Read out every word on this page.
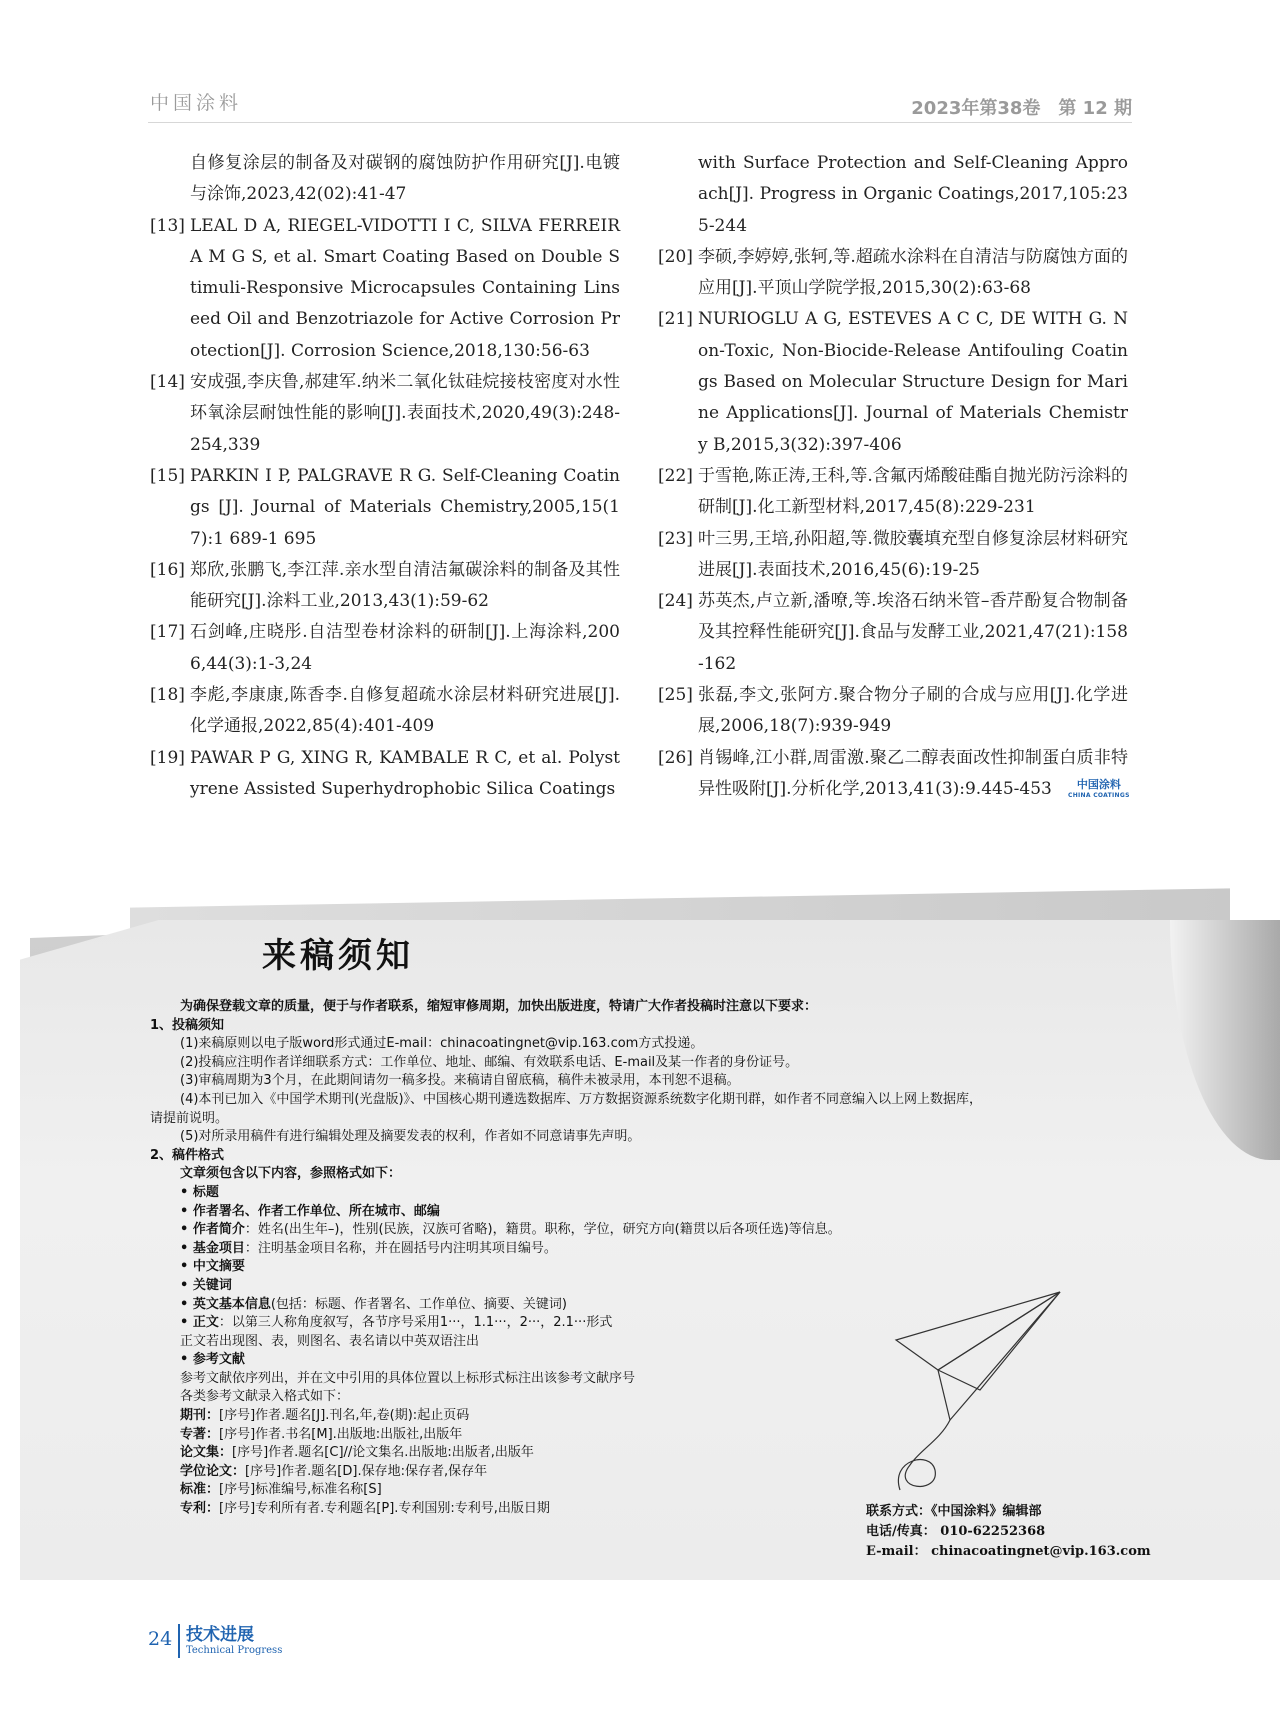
中国涂料	2023年第38卷　第 12 期
自修复涂层的制备及对碳钢的腐蚀防护作用研究[J].电镀与涂饰,2023,42(02):41-47
[13] LEAL D A, RIEGEL-VIDOTTI I C, SILVA FERREIRA M G S, et al. Smart Coating Based on Double Stimuli-Responsive Microcapsules Containing Linseed Oil and Benzotriazole for Active Corrosion Protection[J]. Corrosion Science,2018,130:56-63
[14] 安成强,李庆鲁,郝建军.纳米二氧化钛硅烷接枝密度对水性环氧涂层耐蚀性能的影响[J].表面技术,2020,49(3):248-254,339
[15] PARKIN I P, PALGRAVE R G. Self-Cleaning Coatings [J]. Journal of Materials Chemistry,2005,15(17):1 689-1 695
[16] 郑欣,张鹏飞,李江萍.亲水型自清洁氟碳涂料的制备及其性能研究[J].涂料工业,2013,43(1):59-62
[17] 石剑峰,庄晓彤.自洁型卷材涂料的研制[J].上海涂料,2006,44(3):1-3,24
[18] 李彪,李康康,陈香李.自修复超疏水涂层材料研究进展[J].化学通报,2022,85(4):401-409
[19] PAWAR P G, XING R, KAMBALE R C, et al. Polystyrene Assisted Superhydrophobic Silica Coatings
with Surface Protection and Self-Cleaning Approach[J]. Progress in Organic Coatings,2017,105:235-244
[20] 李硕,李婷婷,张轲,等.超疏水涂料在自清洁与防腐蚀方面的应用[J].平顶山学院学报,2015,30(2):63-68
[21] NURIOGLU A G, ESTEVES A C C, DE WITH G. Non-Toxic, Non-Biocide-Release Antifouling Coatings Based on Molecular Structure Design for Marine Applications[J]. Journal of Materials Chemistry B,2015,3(32):397-406
[22] 于雪艳,陈正涛,王科,等.含氟丙烯酸硅酯自抛光防污涂料的研制[J].化工新型材料,2017,45(8):229-231
[23] 叶三男,王培,孙阳超,等.微胶囊填充型自修复涂层材料研究进展[J].表面技术,2016,45(6):19-25
[24] 苏英杰,卢立新,潘嘹,等.埃洛石纳米管–香芹酚复合物制备及其控释性能研究[J].食品与发酵工业,2021,47(21):158-162
[25] 张磊,李文,张阿方.聚合物分子刷的合成与应用[J].化学进展,2006,18(7):939-949
[26] 肖锡峰,江小群,周雷激.聚乙二醇表面改性抑制蛋白质非特异性吸附[J].分析化学,2013,41(3):9.445-453	中国涂料
CHINA COATINGS
来稿须知
为确保登载文章的质量，便于与作者联系，缩短审修周期，加快出版进度，特请广大作者投稿时注意以下要求：
1、投稿须知
(1)来稿原则以电子版word形式通过E-mail：chinacoatingnet@vip.163.com方式投递。
(2)投稿应注明作者详细联系方式：工作单位、地址、邮编、有效联系电话、E-mail及某一作者的身份证号。
(3)审稿周期为3个月，在此期间请勿一稿多投。来稿请自留底稿，稿件未被录用，本刊恕不退稿。
(4)本刊已加入《中国学术期刊(光盘版)》、中国核心期刊遴选数据库、万方数据资源系统数字化期刊群，如作者不同意编入以上网上数据库，
请提前说明。
(5)对所录用稿件有进行编辑处理及摘要发表的权利，作者如不同意请事先声明。
2、稿件格式
文章须包含以下内容，参照格式如下：
• 标题
• 作者署名、作者工作单位、所在城市、邮编
• 作者简介：姓名(出生年–)，性别(民族，汉族可省略)，籍贯。职称，学位，研究方向(籍贯以后各项任选)等信息。
• 基金项目：注明基金项目名称，并在圆括号内注明其项目编号。
• 中文摘要
• 关键词
• 英文基本信息(包括：标题、作者署名、工作单位、摘要、关键词)
• 正文：以第三人称角度叙写，各节序号采用1···，1.1···，2···，2.1···形式
正文若出现图、表，则图名、表名请以中英双语注出
• 参考文献
参考文献依序列出，并在文中引用的具体位置以上标形式标注出该参考文献序号
各类参考文献录入格式如下：
期刊：[序号]作者.题名[J].刊名,年,卷(期):起止页码
专著：[序号]作者.书名[M].出版地:出版社,出版年
论文集：[序号]作者.题名[C]//论文集名.出版地:出版者,出版年
学位论文：[序号]作者.题名[D].保存地:保存者,保存年
标准：[序号]标准编号,标准名称[S]
专利：[序号]专利所有者.专利题名[P].专利国别:专利号,出版日期	联系方式：《中国涂料》编辑部
电话/传真： 010-62252368
E-mail： chinacoatingnet@vip.163.com
24 技术进展
Technical Progress
